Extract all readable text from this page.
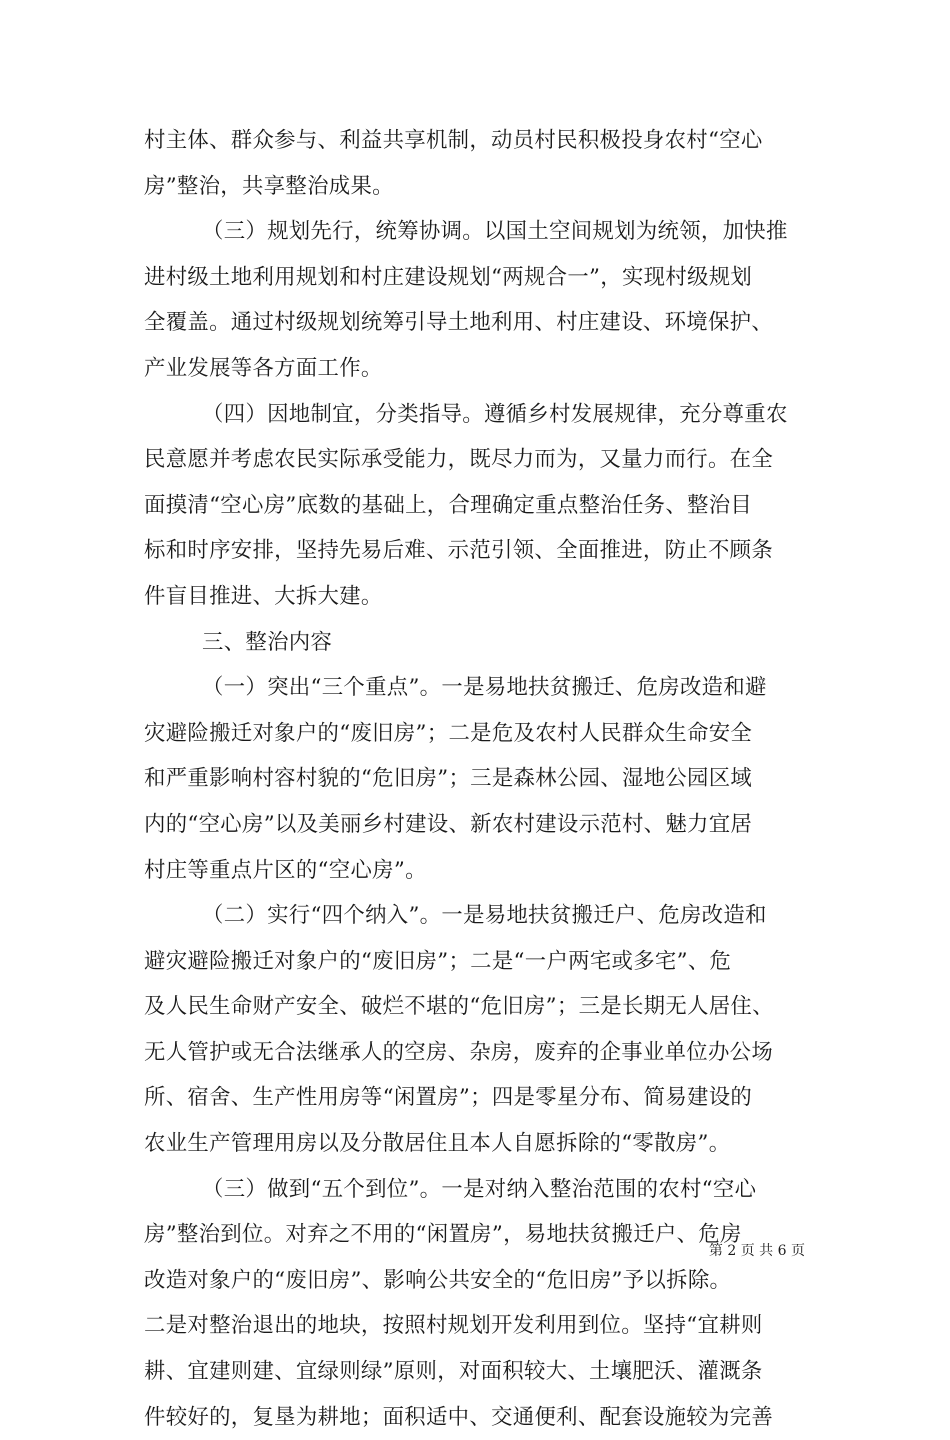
村主体、群众参与、利益共享机制，动员村民积极投身农村“空心
房”整治，共享整治成果。
（三）规划先行，统筹协调。以国土空间规划为统领，加快推
进村级土地利用规划和村庄建设规划“两规合一”，实现村级规划
全覆盖。通过村级规划统筹引导土地利用、村庄建设、环境保护、
产业发展等各方面工作。
（四）因地制宜，分类指导。遵循乡村发展规律，充分尊重农
民意愿并考虑农民实际承受能力，既尽力而为，又量力而行。在全
面摸清“空心房”底数的基础上，合理确定重点整治任务、整治目
标和时序安排，坚持先易后难、示范引领、全面推进，防止不顾条
件盲目推进、大拆大建。
三、整治内容
（一）突出“三个重点”。一是易地扶贫搬迁、危房改造和避
灾避险搬迁对象户的“废旧房”；二是危及农村人民群众生命安全
和严重影响村容村貌的“危旧房”；三是森林公园、湿地公园区域
内的“空心房”以及美丽乡村建设、新农村建设示范村、魅力宜居
村庄等重点片区的“空心房”。
（二）实行“四个纳入”。一是易地扶贫搬迁户、危房改造和
避灾避险搬迁对象户的“废旧房”；二是“一户两宅或多宅”、危
及人民生命财产安全、破烂不堪的“危旧房”；三是长期无人居住、
无人管护或无合法继承人的空房、杂房，废弃的企事业单位办公场
所、宿舍、生产性用房等“闲置房”；四是零星分布、简易建设的
农业生产管理用房以及分散居住且本人自愿拆除的“零散房”。
（三）做到“五个到位”。一是对纳入整治范围的农村“空心
房”整治到位。对弃之不用的“闲置房”，易地扶贫搬迁户、危房
改造对象户的“废旧房”、影响公共安全的“危旧房”予以拆除。
二是对整治退出的地块，按照村规划开发利用到位。坚持“宜耕则
耕、宜建则建、宜绿则绿”原则，对面积较大、土壤肥沃、灌溉条
件较好的，复垦为耕地；面积适中、交通便利、配套设施较为完善
第 2 页 共 6 页
